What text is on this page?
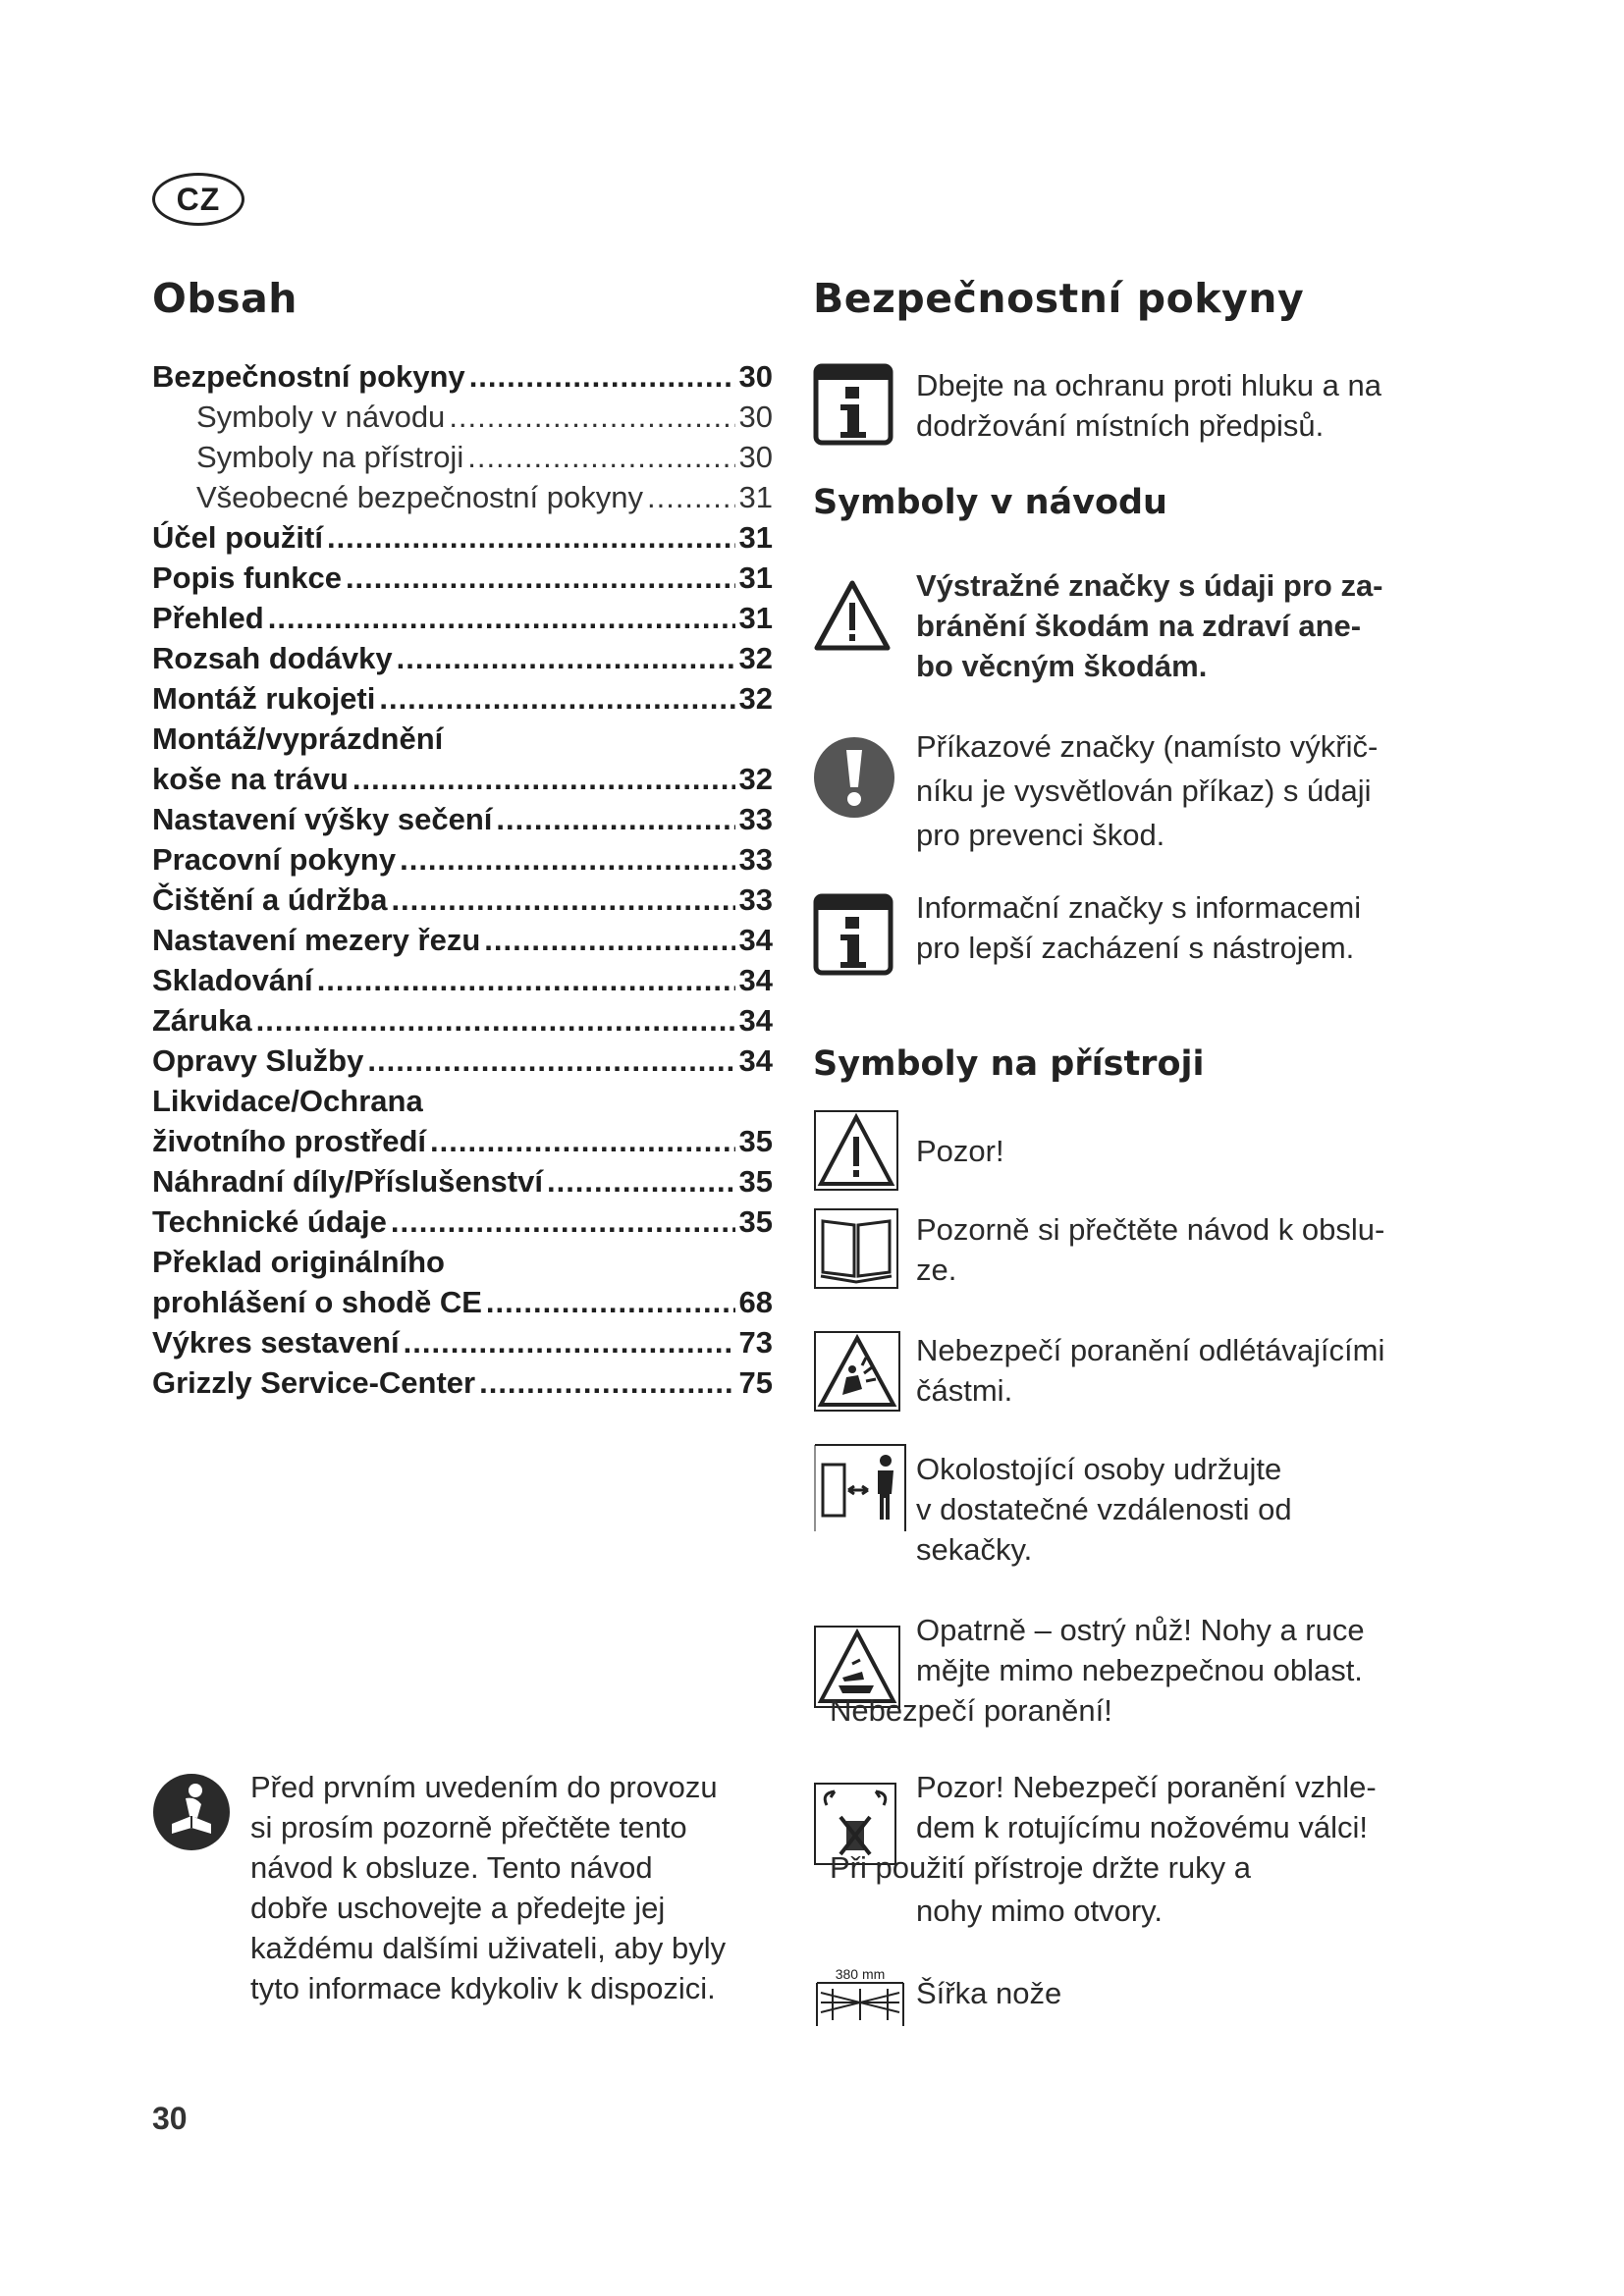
CZ
Obsah
Bezpečnostní pokyny .....	30
Symboly v návodu .....	30
Symboly na přístroji .....	30
Všeobecné bezpečnostní pokyny .....	31
Účel použití .....	31
Popis funkce .....	31
Přehled .....	31
Rozsah dodávky .....	32
Montáž rukojeti .....	32
Montáž/vyprázdnění
koše na trávu .....	32
Nastavení výšky sečení .....	33
Pracovní pokyny .....	33
Čištění a údržba .....	33
Nastavení mezery řezu .....	34
Skladování .....	34
Záruka .....	34
Opravy Služby .....	34
Likvidace/Ochrana
životního prostředí .....	35
Náhradní díly/Příslušenství .....	35
Technické údaje .....	35
Překlad originálního
prohlášení o shodě CE .....	68
Výkres sestavení .....	73
Grizzly Service-Center .....	75

Před prvním uvedením do provozu

si prosím pozorně přečtěte tento

návod k obsluze. Tento návod

dobře uschovejte a předejte jej

každému dalšími uživateli, aby byly

tyto informace kdykoliv k dispozici.

30
Bezpečnostní pokyny
Dbejte na ochranu proti hluku a na
dodržování místních předpisů.
Symboly v návodu
Výstražné značky s údaji pro za-
bránění škodám na zdraví ane-
bo věcným škodám.
Příkazové značky (namísto výkřič-
níku je vysvětlován příkaz) s údaji
pro prevenci škod.
Informační značky s informacemi
pro lepší zacházení s nástrojem.
Symboly na přístroji
Pozor!
Pozorně si přečtěte návod k obslu-
ze.
Nebezpečí poranění odlétávajícími
částmi.
Okolostojící osoby udržujte
v dostatečné vzdálenosti od
sekačky.
Opatrně – ostrý nůž! Nohy a ruce
mějte mimo nebezpečnou oblast.
Nebezpečí poranění!
Pozor! Nebezpečí poranění vzhle-
dem k rotujícímu nožovému válci!
Při použití přístroje držte ruky a
nohy mimo otvory.
380 mm
Šířka nože
